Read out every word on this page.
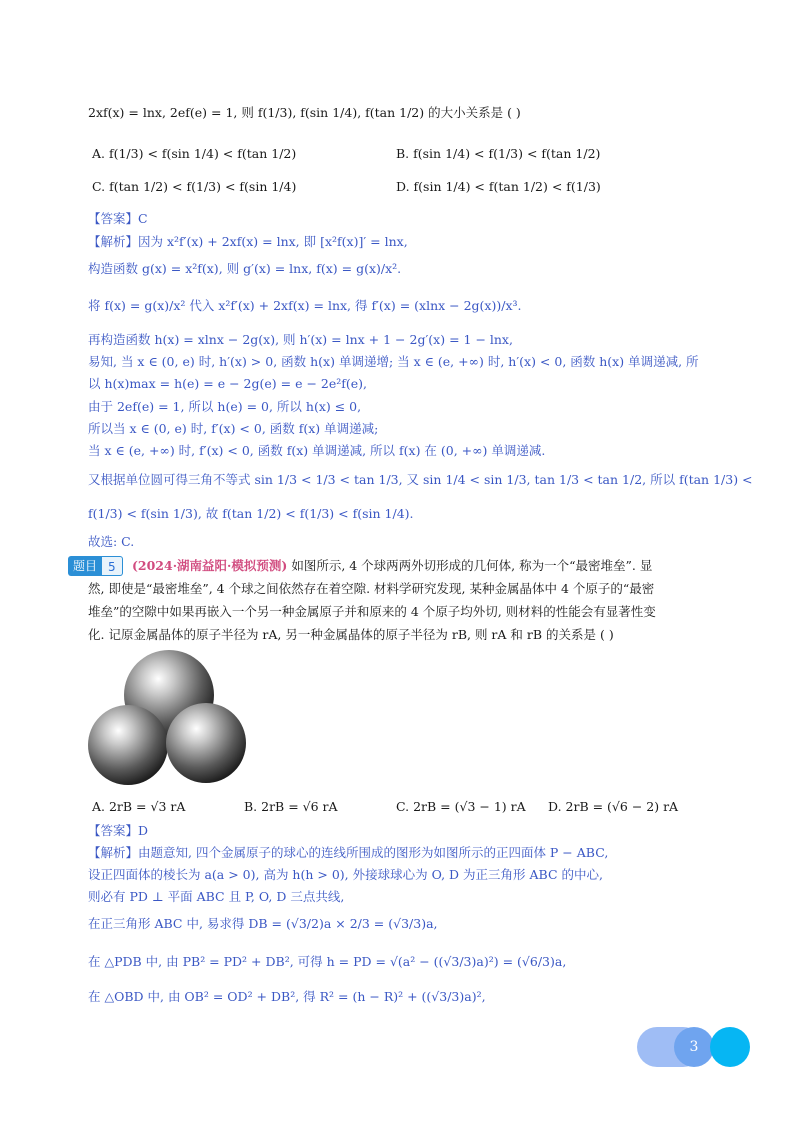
2xf(x) = lnx, 2ef(e) = 1, 则 f(1/3), f(sin 1/4), f(tan 1/2) 的大小关系是 ( )
A. f(1/3) < f(sin 1/4) < f(tan 1/2)	B. f(sin 1/4) < f(1/3) < f(tan 1/2)
C. f(tan 1/2) < f(1/3) < f(sin 1/4)	D. f(sin 1/4) < f(tan 1/2) < f(1/3)
【答案】C
【解析】因为 x²f′(x) + 2xf(x) = lnx, 即 [x²f(x)]′ = lnx,
构造函数 g(x) = x²f(x), 则 g′(x) = lnx, f(x) = g(x)/x².
将 f(x) = g(x)/x² 代入 x²f′(x) + 2xf(x) = lnx, 得 f′(x) = (xlnx − 2g(x))/x³.
再构造函数 h(x) = xlnx − 2g(x), 则 h′(x) = lnx + 1 − 2g′(x) = 1 − lnx,
易知, 当 x ∈ (0, e) 时, h′(x) > 0, 函数 h(x) 单调递增; 当 x ∈ (e, +∞) 时, h′(x) < 0, 函数 h(x) 单调递减, 所
以 h(x)max = h(e) = e − 2g(e) = e − 2e²f(e),
由于 2ef(e) = 1, 所以 h(e) = 0, 所以 h(x) ≤ 0,
所以当 x ∈ (0, e) 时, f′(x) < 0, 函数 f(x) 单调递减;
当 x ∈ (e, +∞) 时, f′(x) < 0, 函数 f(x) 单调递减, 所以 f(x) 在 (0, +∞) 单调递减.
又根据单位圆可得三角不等式 sin 1/3 < 1/3 < tan 1/3, 又 sin 1/4 < sin 1/3, tan 1/3 < tan 1/2, 所以 f(tan 1/3) <
f(1/3) < f(sin 1/3), 故 f(tan 1/2) < f(1/3) < f(sin 1/4).
故选: C.
题目 5	(2024·湖南益阳·模拟预测) 如图所示, 4 个球两两外切形成的几何体, 称为一个“最密堆垒”. 显
然, 即使是“最密堆垒”, 4 个球之间依然存在着空隙. 材料学研究发现, 某种金属晶体中 4 个原子的“最密
堆垒”的空隙中如果再嵌入一个另一种金属原子并和原来的 4 个原子均外切, 则材料的性能会有显著性变
化. 记原金属晶体的原子半径为 rA, 另一种金属晶体的原子半径为 rB, 则 rA 和 rB 的关系是 ( )
A. 2rB = √3 rA	B. 2rB = √6 rA	C. 2rB = (√3 − 1) rA D. 2rB = (√6 − 2) rA
【答案】D
【解析】由题意知, 四个金属原子的球心的连线所围成的图形为如图所示的正四面体 P − ABC,
设正四面体的棱长为 a(a > 0), 高为 h(h > 0), 外接球球心为 O, D 为正三角形 ABC 的中心,
则必有 PD ⊥ 平面 ABC 且 P, O, D 三点共线,
在正三角形 ABC 中, 易求得 DB = (√3/2)a × 2/3 = (√3/3)a,
在 △PDB 中, 由 PB² = PD² + DB², 可得 h = PD = √(a² − ((√3/3)a)²) = (√6/3)a,
在 △OBD 中, 由 OB² = OD² + DB², 得 R² = (h − R)² + ((√3/3)a)²,
3
